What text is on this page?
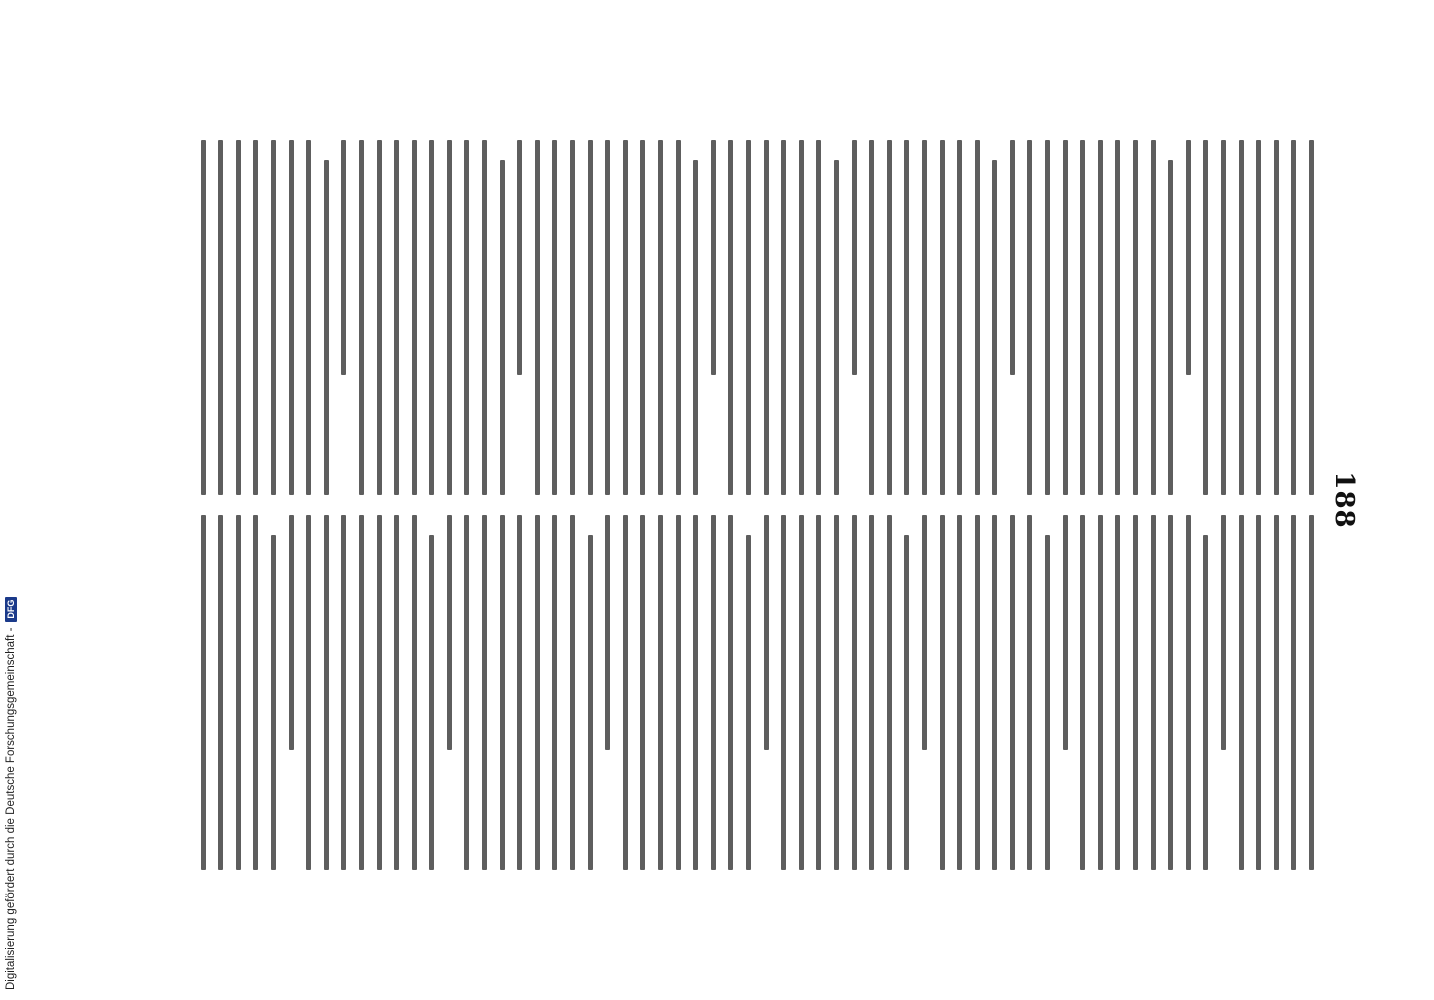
188
Digitalisierung gefördert durch die Deutsche Forschungsgemeinschaft -
DFG
